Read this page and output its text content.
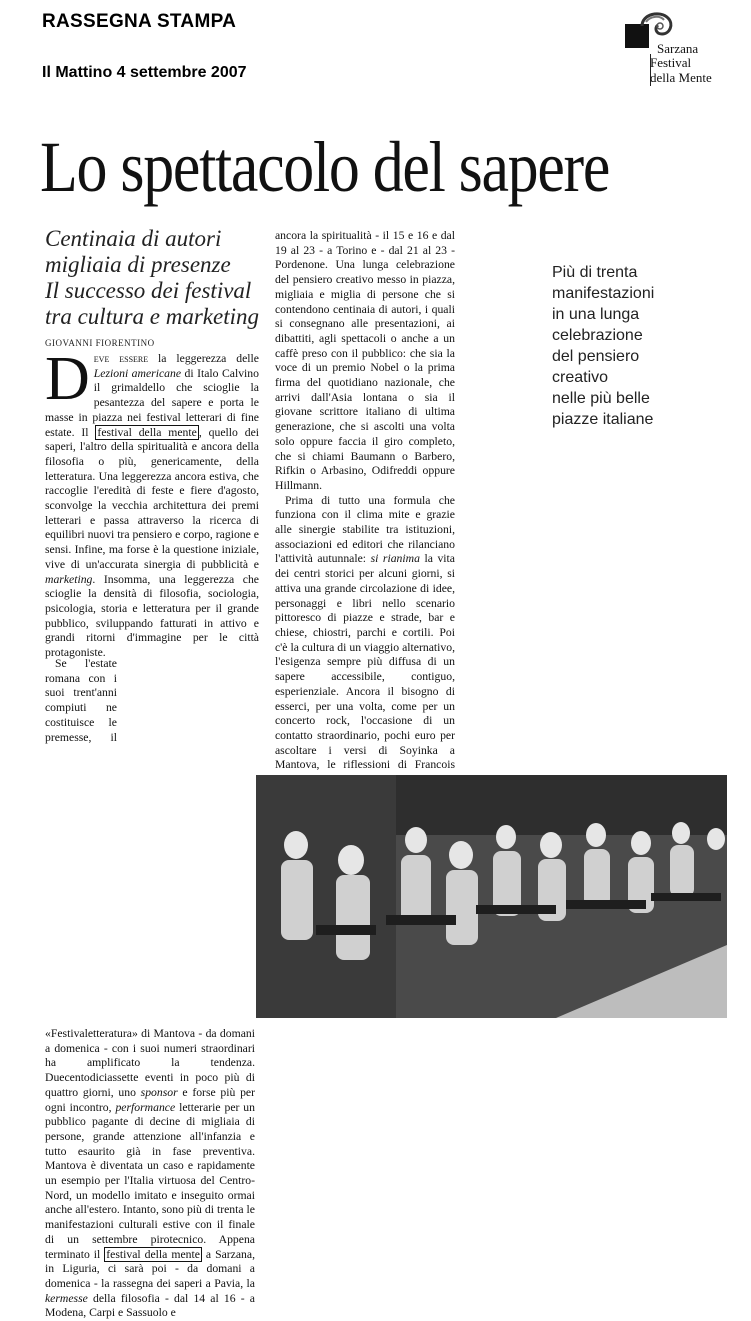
RASSEGNA STAMPA
Il Mattino 4 settembre 2007
Sarzana
Festival
della Mente
Lo spettacolo del sapere
Centinaia di autori
migliaia di presenze
Il successo dei festival
tra cultura e marketing
GIOVANNI FIORENTINO

Deve essere la leggerezza delle Lezioni americane di Italo Calvino il grimaldello che scioglie la pesantezza del sapere e porta le masse in piazza nei festival letterari di fine estate. Il festival della mente , quello dei saperi, l'altro della spiritualità e ancora della filosofia o più, genericamente, della letteratura. Una leggerezza ancora estiva, che raccoglie l'eredità di feste e fiere d'agosto, sconvolge la vecchia architettura dei premi letterari e passa attraverso la ricerca di equilibri nuovi tra pensiero e corpo, ragione e sensi. Infine, ma forse è la questione iniziale, vive di un'accurata sinergia di pubblicità e marketing. Insomma, una leggerezza che scioglie la densità di filosofia, sociologia, psicologia, storia e letteratura per il grande pubblico, sviluppando fatturati in attivo e grandi ritorni d'immagine per le città protagoniste.

Se l'estate romana con i suoi trent'anni compiuti ne costituisce le premesse, il «Festivaletteratura» di Mantova - da domani a domenica - con i suoi numeri straordinari ha amplificato la tendenza. Duecentodiciassette eventi in poco più di quattro giorni, uno sponsor e forse più per ogni incontro, performance letterarie per un pubblico pagante di decine di migliaia di persone, grande attenzione all'infanzia e tutto esaurito già in fase preventiva. Mantova è diventata un caso e rapidamente un esempio per l'Italia virtuosa del Centro-Nord, un modello imitato e inseguito ormai anche all'estero. Intanto, sono più di trenta le manifestazioni culturali estive con il finale di un settembre pirotecnico. Appena terminato il festival della mente a Sarzana, in Liguria, ci sarà poi - da domani a domenica - la rassegna dei saperi a Pavia, la kermesse della filosofia - dal 14 al 16 - a Modena, Carpi e Sassuolo e

ancora la spiritualità - il 15 e 16 e dal 19 al 23 - a Torino e - dal 21 al 23 - Pordenone. Una lunga celebrazione del pensiero creativo messo in piazza, migliaia e miglia di persone che si contendono centinaia di autori, i quali si consegnano alle presentazioni, ai dibattiti, agli spettacoli o anche a un caffè preso con il pubblico: che sia la voce di un premio Nobel o la prima firma del quotidiano nazionale, che arrivi dall'Asia lontana o sia il giovane scrittore italiano di ultima generazione, che si ascolti una volta solo oppure faccia il giro completo, che si chiami Baumann o Barbero, Rifkin o Arbasino, Odifreddi oppure Hillmann.

Prima di tutto una formula che funziona con il clima mite e grazie alle sinergie stabilite tra istituzioni, associazioni ed editori che rilanciano l'attività autunnale: si rianima la vita dei centri storici per alcuni giorni, si attiva una grande circolazione di idee, personaggi e libri nello scenario pittoresco di piazze e strade, bar e chiese, chiostri, parchi e cortili. Poi c'è la cultura di un viaggio alternativo, l'esigenza sempre più diffusa di un sapere accessibile, contiguo, esperienziale. Ancora il bisogno di esserci, per una volta, come per un concerto rock, l'occasione di un contatto straordinario, pochi euro per ascoltare i versi di Soyinka a Mantova, le riflessioni di Francois

Più di trenta
manifestazioni
in una lunga
celebrazione
del pensiero
creativo
nelle più belle
piazze italiane
